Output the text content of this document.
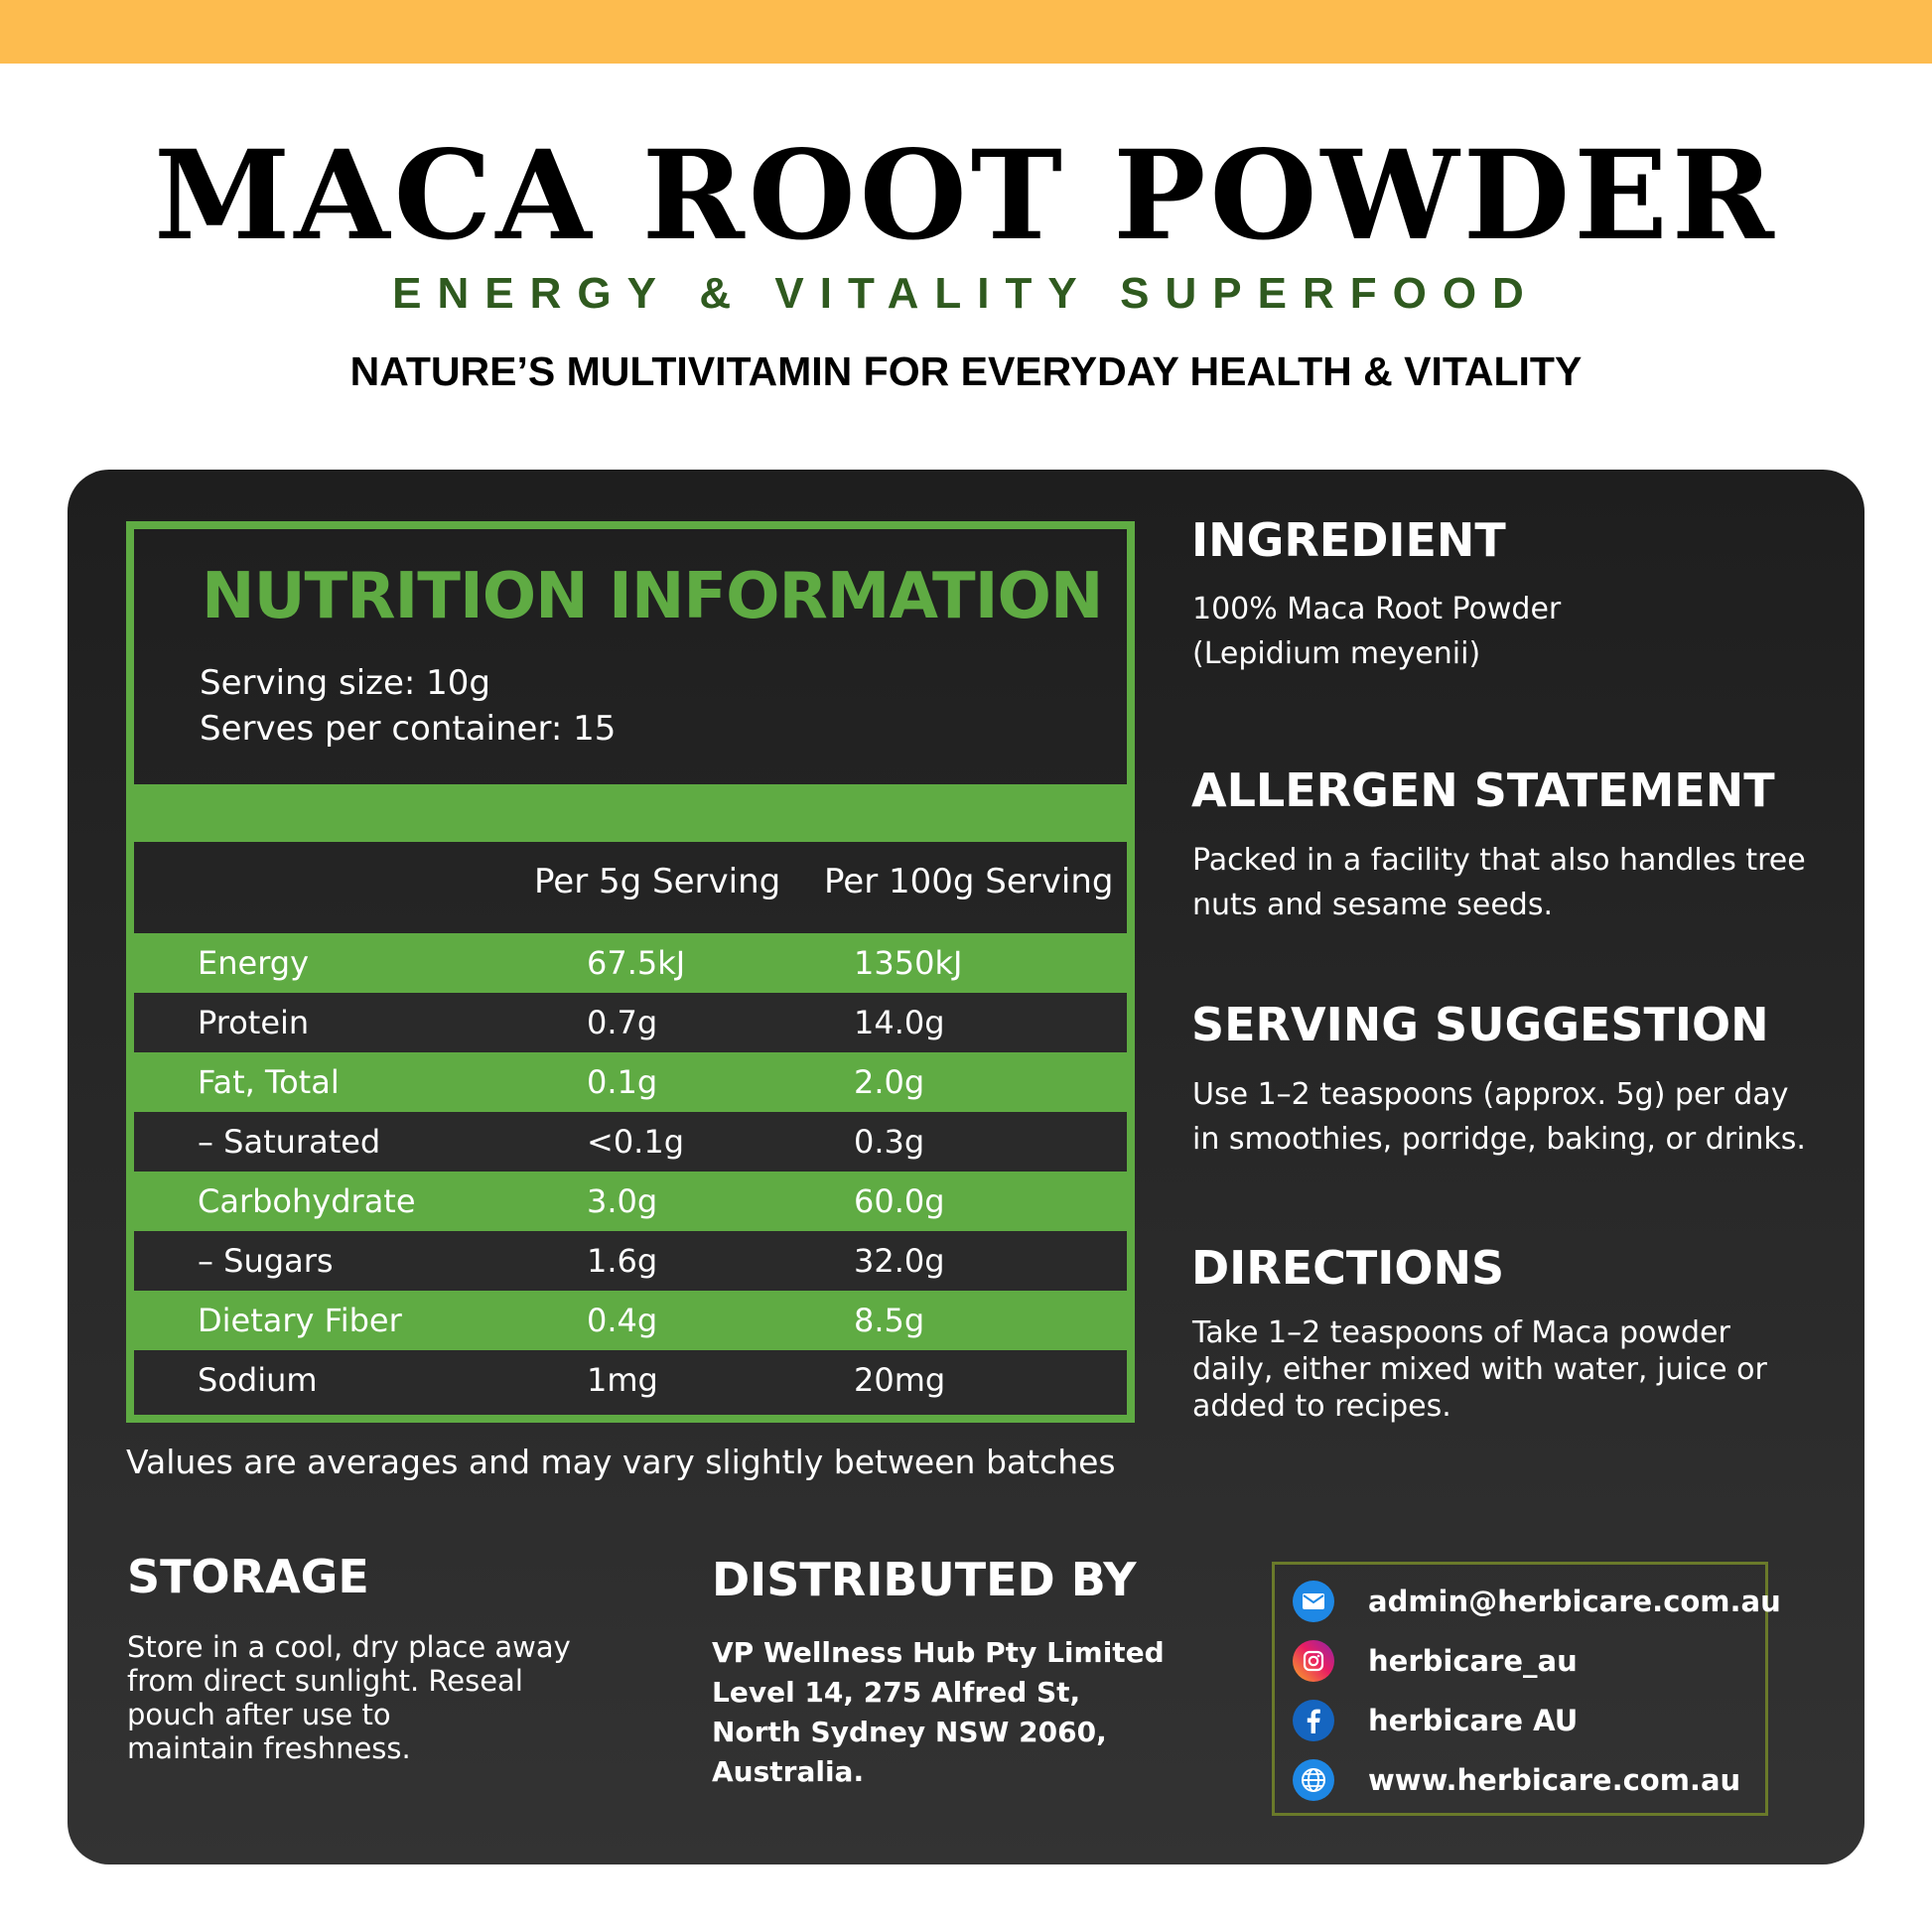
MACA ROOT POWDER
ENERGY & VITALITY SUPERFOOD
NATURE’S MULTIVITAMIN FOR EVERYDAY HEALTH & VITALITY
NUTRITION INFORMATION
Serving size: 10g
Serves per container: 15
Per 5g Serving Per 100g Serving
Energy	67.5kJ	1350kJ
Protein	0.7g	14.0g
Fat, Total	0.1g	2.0g
– Saturated	<0.1g	0.3g
Carbohydrate	3.0g	60.0g
– Sugars	1.6g	32.0g
Dietary Fiber	0.4g	8.5g
Sodium	1mg	20mg
Values are averages and may vary slightly between batches
INGREDIENT
100% Maca Root Powder
(Lepidium meyenii)
ALLERGEN STATEMENT
Packed in a facility that also handles tree
nuts and sesame seeds.
SERVING SUGGESTION
Use 1–2 teaspoons (approx. 5g) per day
in smoothies, porridge, baking, or drinks.
DIRECTIONS
Take 1–2 teaspoons of Maca powder
daily, either mixed with water, juice or
added to recipes.
STORAGE
Store in a cool, dry place away
from direct sunlight. Reseal
pouch after use to
maintain freshness.
DISTRIBUTED BY
VP Wellness Hub Pty Limited
Level 14, 275 Alfred St,
North Sydney NSW 2060,
Australia.
admin@herbicare.com.au
herbicare_au
herbicare AU
www.herbicare.com.au
